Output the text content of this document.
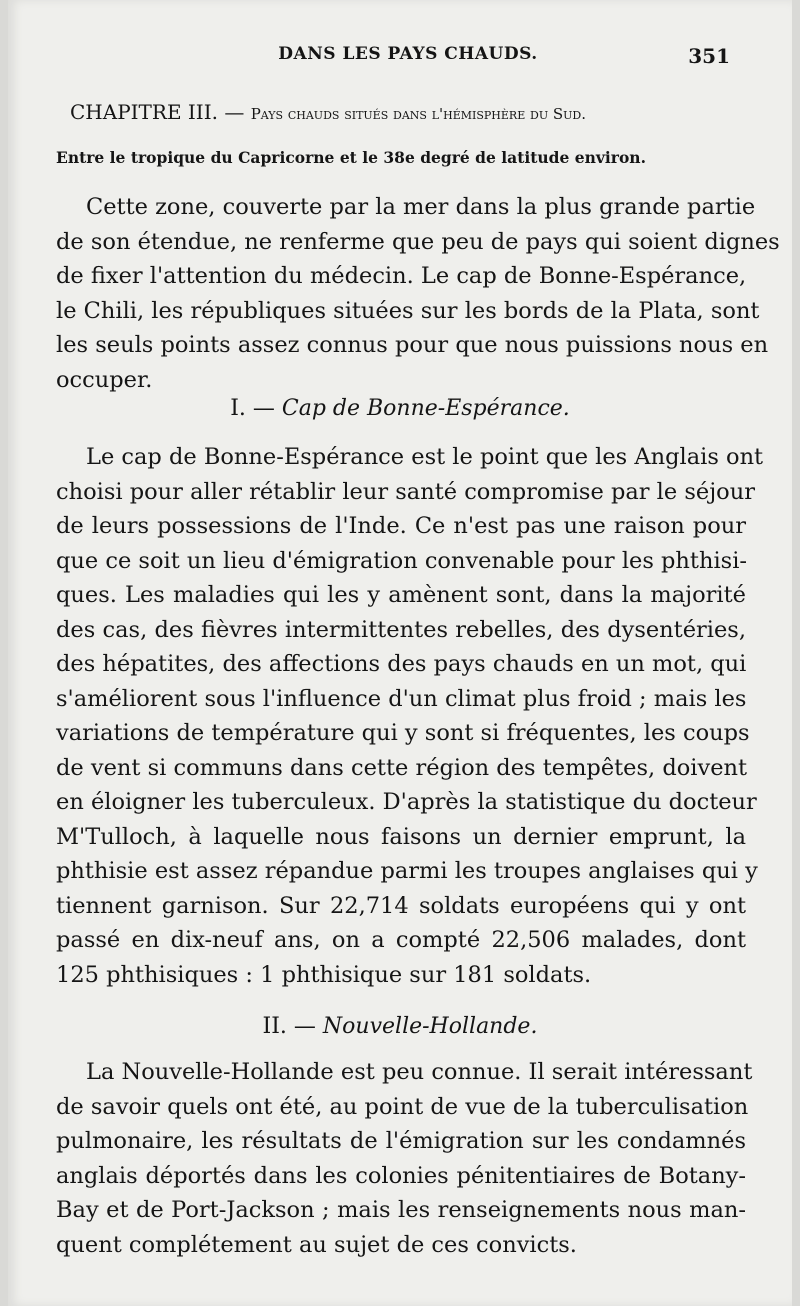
DANS LES PAYS CHAUDS.	351
CHAPITRE III. — Pays chauds situés dans l'hémisphère du Sud.
Entre le tropique du Capricorne et le 38e degré de latitude environ.
Cette zone, couverte par la mer dans la plus grande partie
de son étendue, ne renferme que peu de pays qui soient dignes
de fixer l'attention du médecin. Le cap de Bonne-Espérance,
le Chili, les républiques situées sur les bords de la Plata, sont
les seuls points assez connus pour que nous puissions nous en
occuper.
I. — Cap de Bonne-Espérance.
Le cap de Bonne-Espérance est le point que les Anglais ont
choisi pour aller rétablir leur santé compromise par le séjour
de leurs possessions de l'Inde. Ce n'est pas une raison pour
que ce soit un lieu d'émigration convenable pour les phthisi-
ques. Les maladies qui les y amènent sont, dans la majorité
des cas, des fièvres intermittentes rebelles, des dysentéries,
des hépatites, des affections des pays chauds en un mot, qui
s'améliorent sous l'influence d'un climat plus froid ; mais les
variations de température qui y sont si fréquentes, les coups
de vent si communs dans cette région des tempêtes, doivent
en éloigner les tuberculeux. D'après la statistique du docteur
M'Tulloch, à laquelle nous faisons un dernier emprunt, la
phthisie est assez répandue parmi les troupes anglaises qui y
tiennent garnison. Sur 22,714 soldats européens qui y ont
passé en dix-neuf ans, on a compté 22,506 malades, dont
125 phthisiques : 1 phthisique sur 181 soldats.
II. — Nouvelle-Hollande.
La Nouvelle-Hollande est peu connue. Il serait intéressant
de savoir quels ont été, au point de vue de la tuberculisation
pulmonaire, les résultats de l'émigration sur les condamnés
anglais déportés dans les colonies pénitentiaires de Botany-
Bay et de Port-Jackson ; mais les renseignements nous man-
quent complétement au sujet de ces convicts.
